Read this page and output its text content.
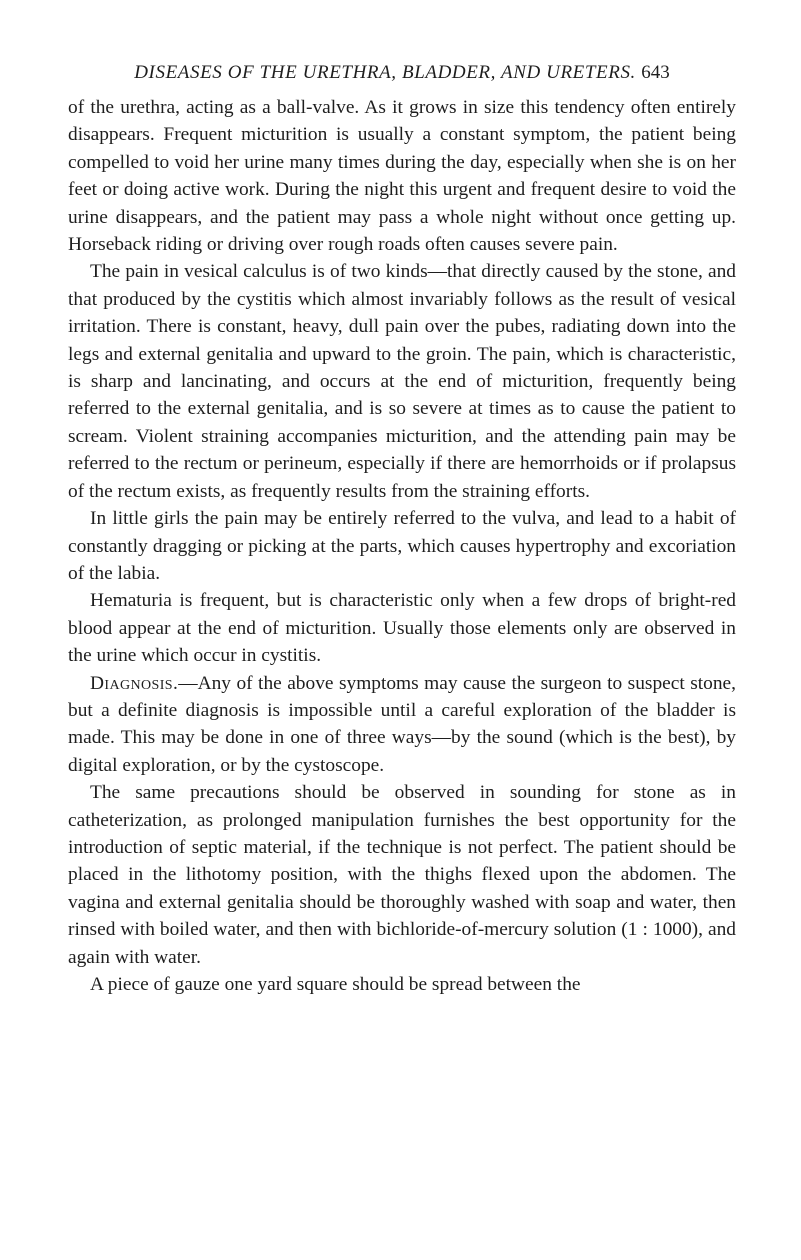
DISEASES OF THE URETHRA, BLADDER, AND URETERS. 643

of the urethra, acting as a ball-valve. As it grows in size this tendency often entirely disappears. Frequent micturition is usually a constant symptom, the patient being compelled to void her urine many times during the day, especially when she is on her feet or doing active work. During the night this urgent and frequent desire to void the urine disappears, and the patient may pass a whole night without once getting up. Horseback riding or driving over rough roads often causes severe pain.

The pain in vesical calculus is of two kinds—that directly caused by the stone, and that produced by the cystitis which almost invariably follows as the result of vesical irritation. There is constant, heavy, dull pain over the pubes, radiating down into the legs and external genitalia and upward to the groin. The pain, which is characteristic, is sharp and lancinating, and occurs at the end of micturition, frequently being referred to the external genitalia, and is so severe at times as to cause the patient to scream. Violent straining accompanies micturition, and the attending pain may be referred to the rectum or perineum, especially if there are hemorrhoids or if prolapsus of the rectum exists, as frequently results from the straining efforts.

In little girls the pain may be entirely referred to the vulva, and lead to a habit of constantly dragging or picking at the parts, which causes hypertrophy and excoriation of the labia.

Hematuria is frequent, but is characteristic only when a few drops of bright-red blood appear at the end of micturition. Usually those elements only are observed in the urine which occur in cystitis.

Diagnosis.—Any of the above symptoms may cause the surgeon to suspect stone, but a definite diagnosis is impossible until a careful exploration of the bladder is made. This may be done in one of three ways—by the sound (which is the best), by digital exploration, or by the cystoscope.

The same precautions should be observed in sounding for stone as in catheterization, as prolonged manipulation furnishes the best opportunity for the introduction of septic material, if the technique is not perfect. The patient should be placed in the lithotomy position, with the thighs flexed upon the abdomen. The vagina and external genitalia should be thoroughly washed with soap and water, then rinsed with boiled water, and then with bichloride-of-mercury solution (1 : 1000), and again with water.

A piece of gauze one yard square should be spread between the
